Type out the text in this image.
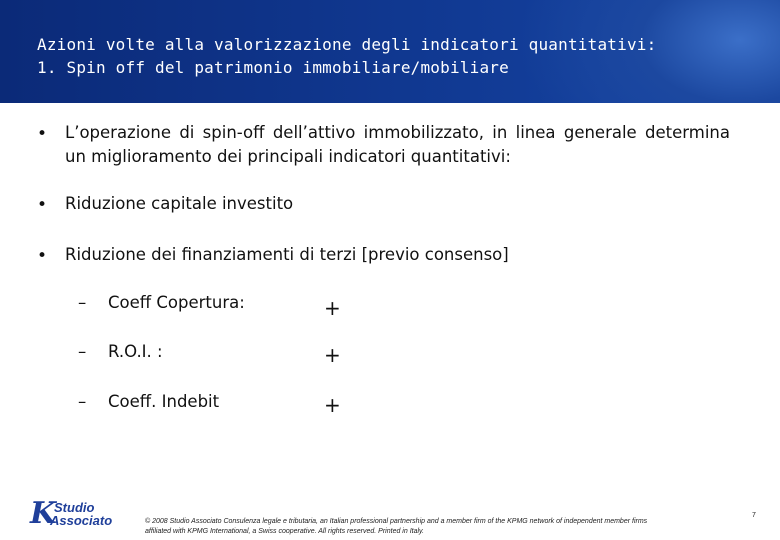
Azioni volte alla valorizzazione degli indicatori quantitativi:
1. Spin off del patrimonio immobiliare/mobiliare
• L’operazione di spin-off dell’attivo immobilizzato, in linea generale determina un miglioramento dei principali indicatori quantitativi:
• Riduzione capitale investito
• Riduzione dei finanziamenti di terzi [previo consenso]
– Coeff Copertura:	+
– R.O.I. :	+
– Coeff. Indebit	+
K
Studio
Associato	© 2008 Studio Associato Consulenza legale e tributaria, an Italian professional partnership and a member firm of the KPMG network of independent member firms affiliated with KPMG International, a Swiss cooperative. All rights reserved. Printed in Italy.
7
